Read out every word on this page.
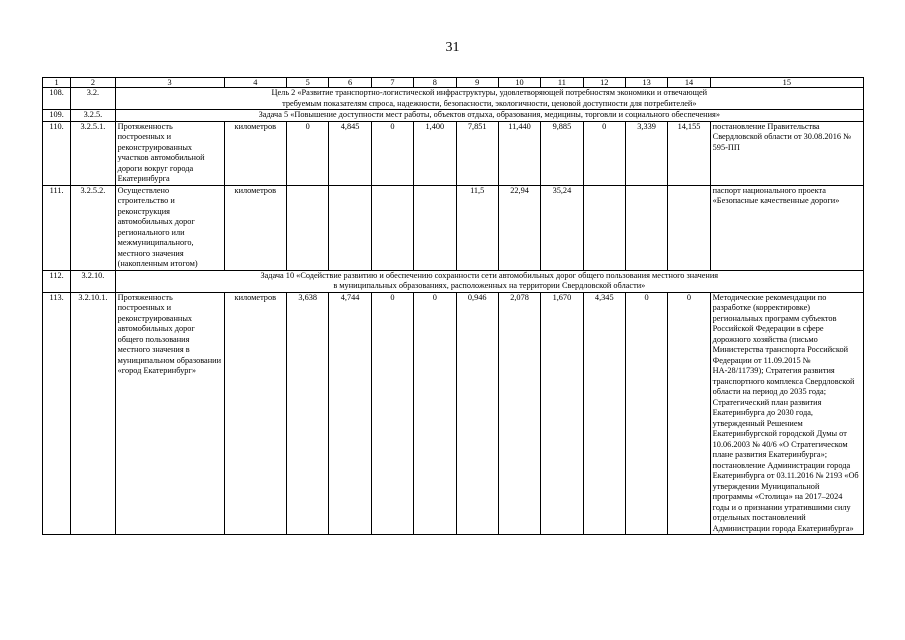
31
1	2	3	4	5	6	7	8	9	10	11	12	13	14	15
108.	3.2.	Цель 2 «Развитие транспортно-логистической инфраструктуры, удовлетворяющей потребностям экономики и отвечающей
требуемым показателям спроса, надежности, безопасности, экологичности, ценовой доступности для потребителей»												

109.	3.2.5.	Задача 5 «Повышение доступности мест работы, объектов отдыха, образования, медицины, торговли и социального обеспечения»												

110.	3.2.5.1.	Протяженность построенных и реконструированных участков автомобильной дороги вокруг города Екатеринбурга	километров	0	4,845	0	1,400	7,851	11,440	9,885	0	3,339	14,155	постановление Правительства Свердловской области от 30.08.2016 № 595-ПП
111.	3.2.5.2.	Осуществлено строительство и реконструкция автомобильных дорог регионального или межмуниципального, местного значения (накопленным итогом)	километров					11,5	22,94	35,24				паспорт национального проекта «Безопасные качественные дороги»
112.	3.2.10.	Задача 10 «Содействие развитию и обеспечению сохранности сети автомобильных дорог общего пользования местного значения
в муниципальных образованиях, расположенных на территории Свердловской области»												

113.	3.2.10.1.	Протяженность построенных и реконструированных автомобильных дорог общего пользования местного значения в муниципальном образовании «город Екатеринбург»	километров	3,638	4,744	0	0	0,946	2,078	1,670	4,345	0	0	Методические рекомендации по разработке (корректировке) региональных программ субъектов Российской Федерации в сфере дорожного хозяйства (письмо Министерства транспорта Российской Федерации от 11.09.2015 № НА-28/11739); Стратегия развития транспортного комплекса Свердловской области на период до 2035 года; Стратегический план развития Екатеринбурга до 2030 года, утвержденный Решением Екатеринбургской городской Думы от 10.06.2003 № 40/6 «О Стратегическом плане развития Екатеринбурга»; постановление Администрации города Екатеринбурга от 03.11.2016 № 2193 «Об утверждении Муниципальной программы «Столица» на 2017–2024 годы и о признании утратившими силу отдельных постановлений Администрации города Екатеринбурга»
